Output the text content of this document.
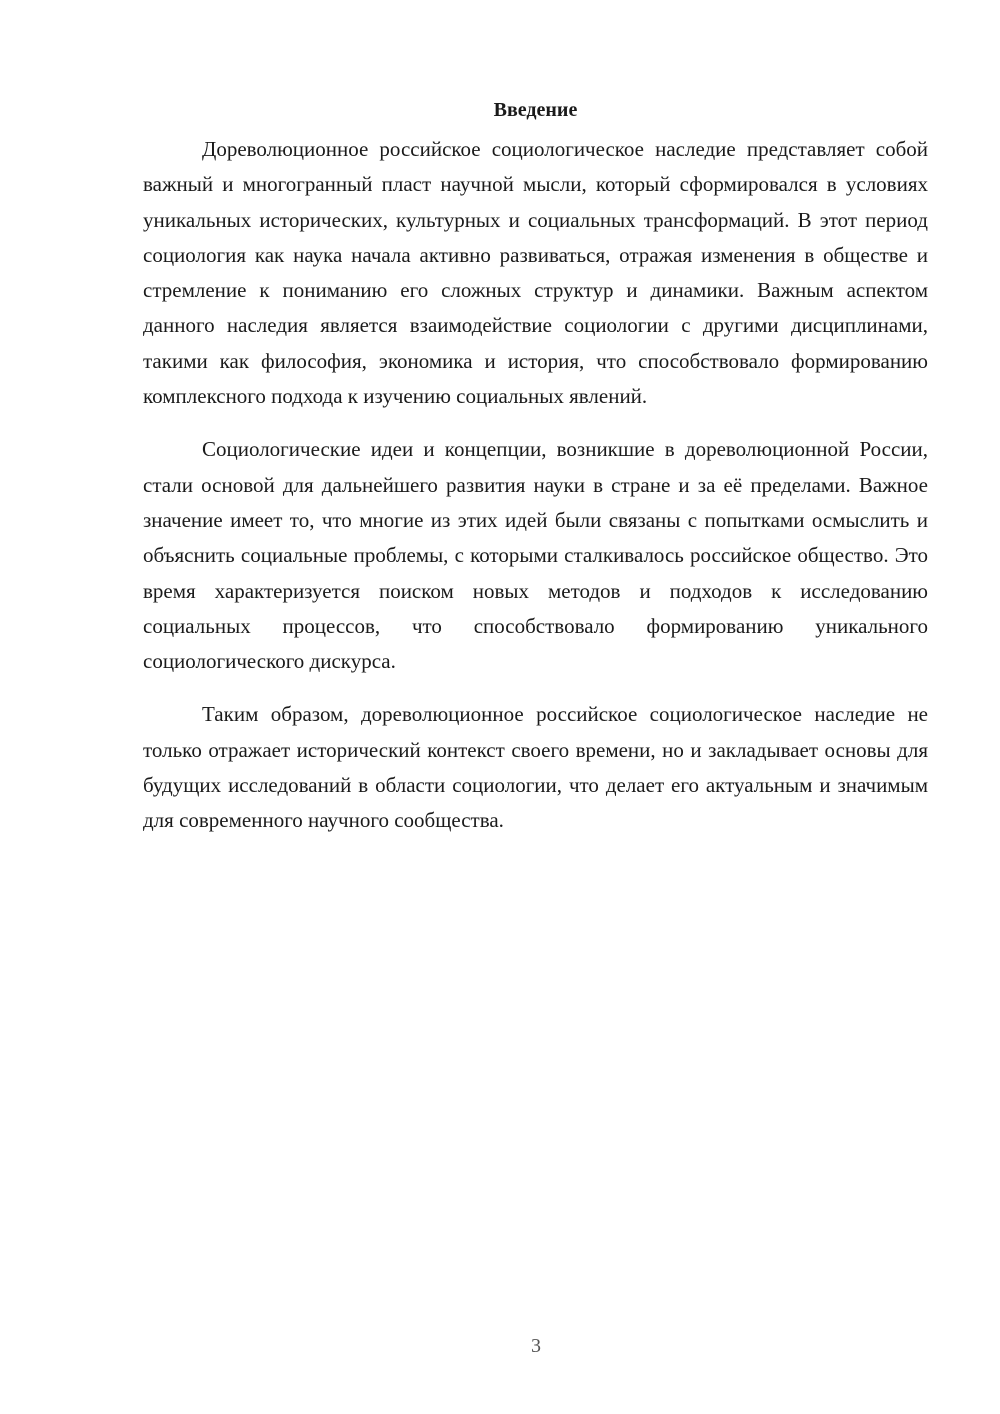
Введение

Дореволюционное российское социологическое наследие представляет собой важный и многогранный пласт научной мысли, который сформировался в условиях уникальных исторических, культурных и социальных трансформаций. В этот период социология как наука начала активно развиваться, отражая изменения в обществе и стремление к пониманию его сложных структур и динамики. Важным аспектом данного наследия является взаимодействие социологии с другими дисциплинами, такими как философия, экономика и история, что способствовало формированию комплексного подхода к изучению социальных явлений.

Социологические идеи и концепции, возникшие в дореволюционной России, стали основой для дальнейшего развития науки в стране и за её пределами. Важное значение имеет то, что многие из этих идей были связаны с попытками осмыслить и объяснить социальные проблемы, с которыми сталкивалось российское общество. Это время характеризуется поиском новых методов и подходов к исследованию социальных процессов, что способствовало формированию уникального социологического дискурса.

Таким образом, дореволюционное российское социологическое наследие не только отражает исторический контекст своего времени, но и закладывает основы для будущих исследований в области социологии, что делает его актуальным и значимым для современного научного сообщества.

3
